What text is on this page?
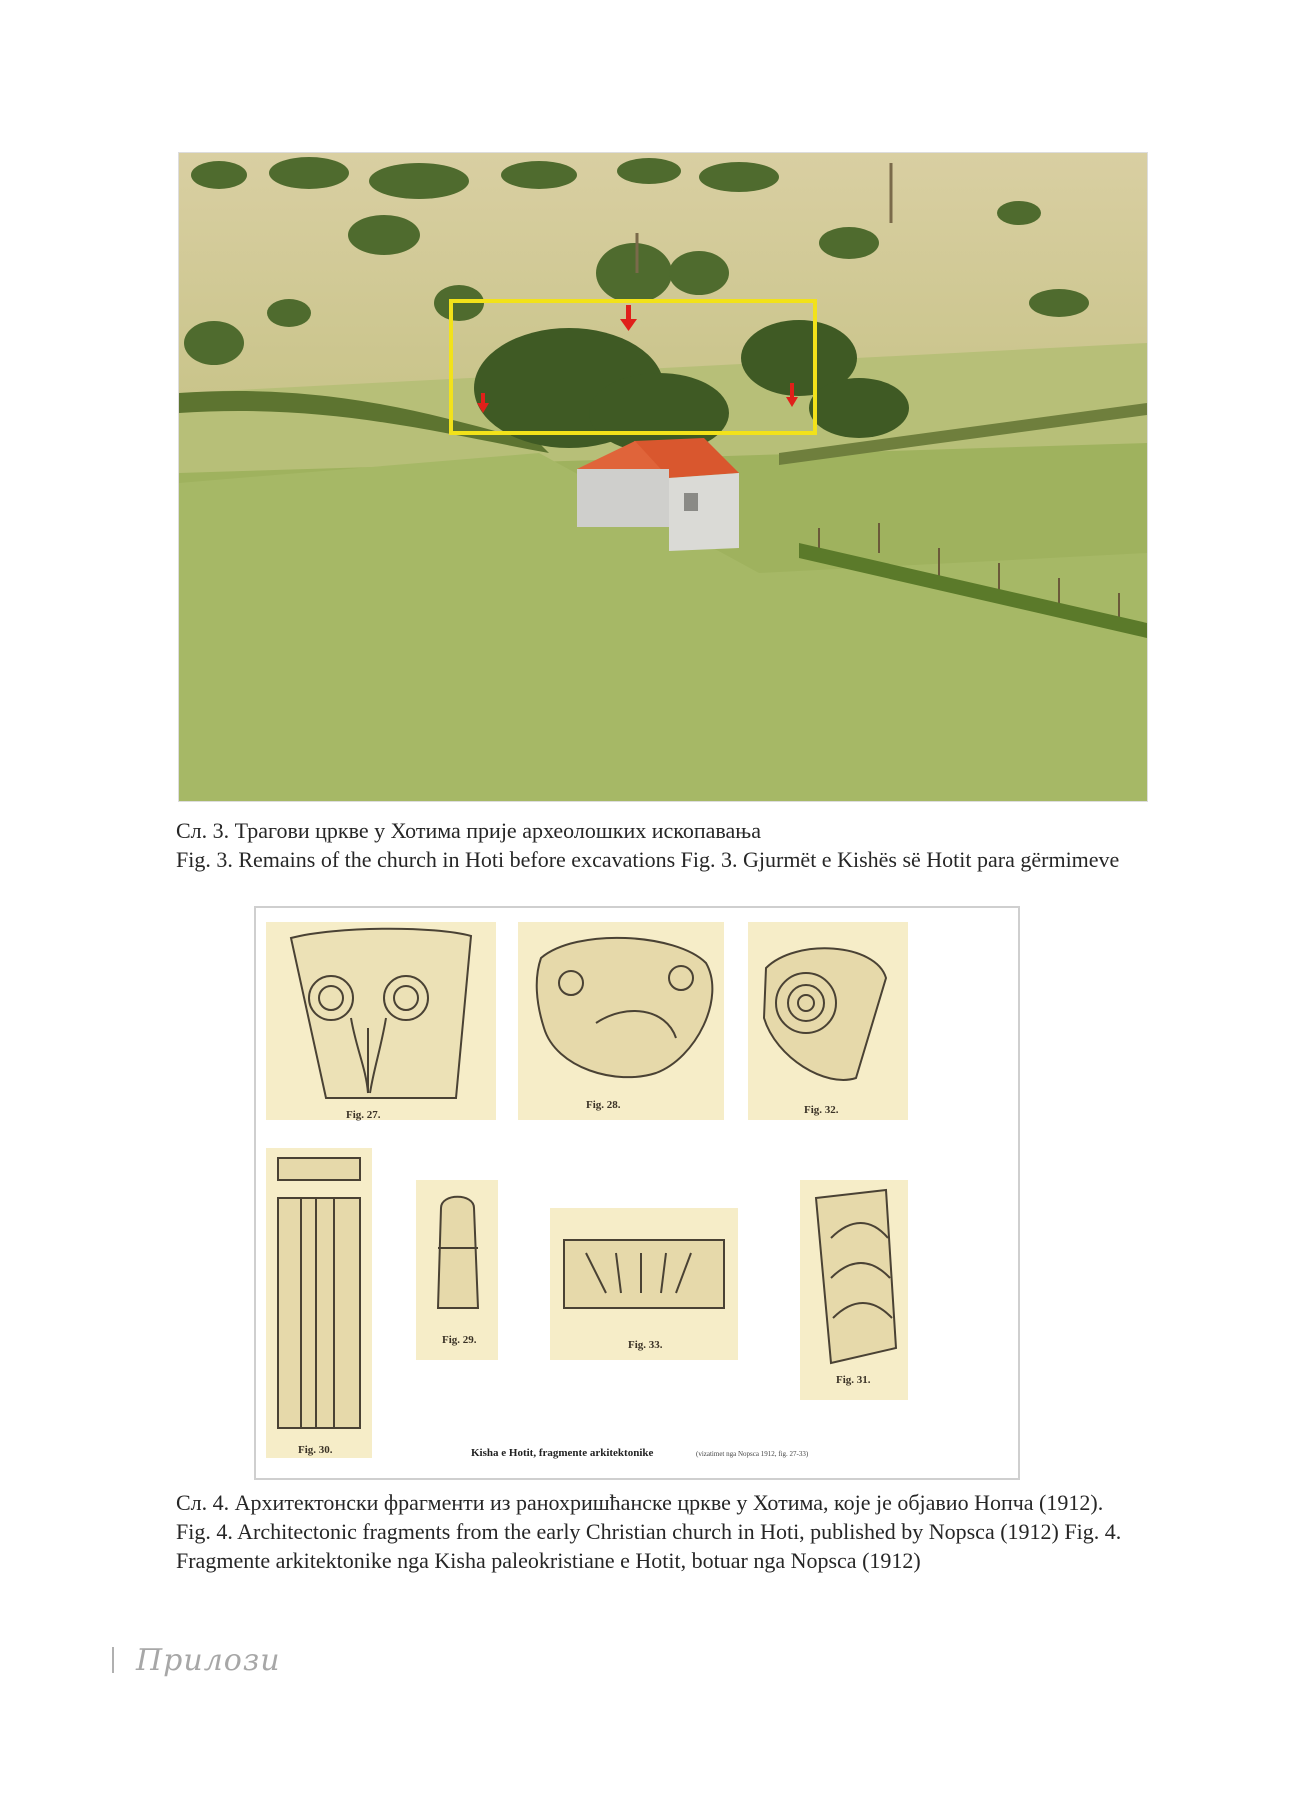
Сл. 3. Трагови цркве у Хотима прије археолошких ископавања
Fig. 3. Remains of the church in Hoti before excavations Fig. 3. Gjurmët e Kishës së Hotit para gërmimeve
Fig. 27.
Fig. 28.	Fig. 32.
Fig. 30.
Fig. 29.	Fig. 33.
Fig. 31.
Kisha e Hotit, fragmente arkitektonike	(vizatimet nga Nopsca 1912, fig. 27-33)
Сл. 4. Архитектонски фрагменти из ранохришћанске цркве у Хотима, које је објавио Нопча (1912).
Fig. 4. Architectonic fragments from the early Christian church in Hoti, published by Nopsca (1912) Fig. 4. Fragmente arkitektonike nga Kisha paleokristiane e Hotit, botuar nga Nopsca (1912)
Прилози
